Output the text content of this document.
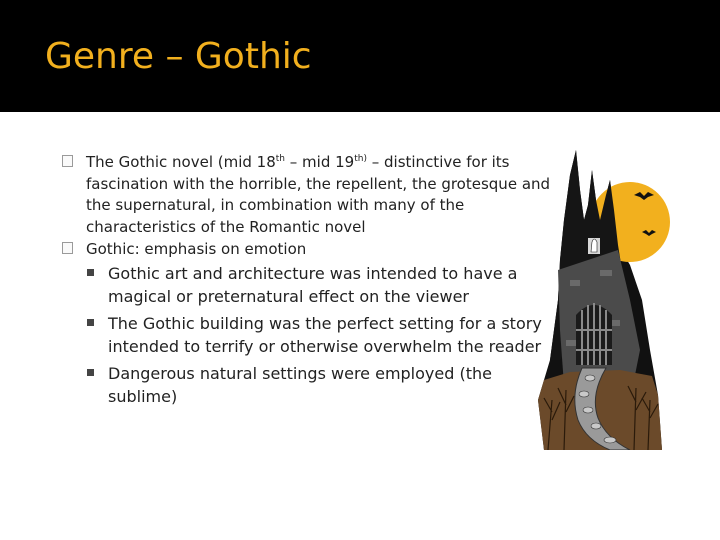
Genre – Gothic
The Gothic novel (mid 18th – mid $19^{th)}$ – distinctive for its fascination with the horrible, the repellent, the grotesque and the supernatural, in combination with many of the characteristics of the Romantic novel
Gothic: emphasis on emotion
Gothic art and architecture was intended to have a magical or preternatural effect on the viewer
The Gothic building was the perfect setting for a story intended to terrify or otherwise overwhelm the reader
Dangerous natural settings were employed (the sublime)
